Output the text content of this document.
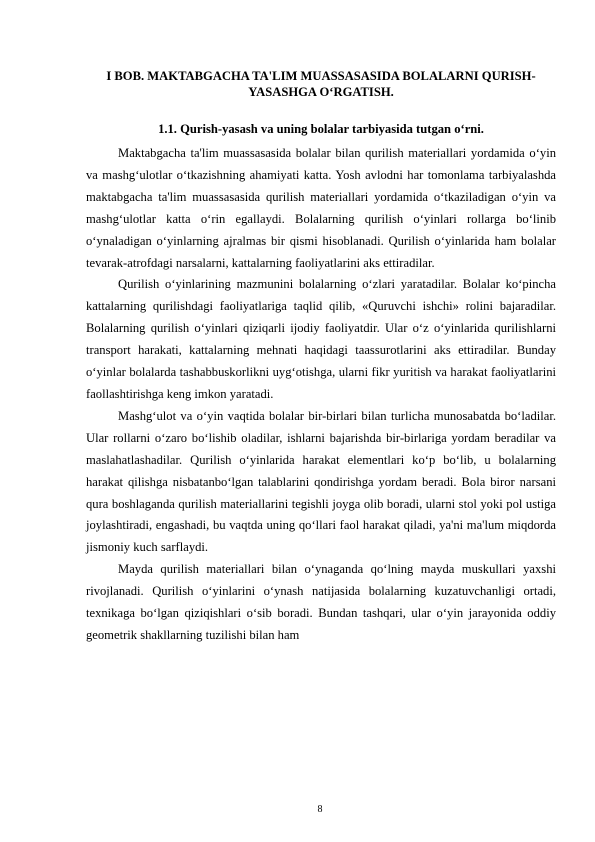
I BOB. MAKTABGACHA TA'LIM MUASSASASIDA BOLALARNI QURISH-YASASHGA O‘RGATISH.
1.1. Qurish-yasash va uning bolalar tarbiyasida tutgan o‘rni.

Maktabgacha ta'lim muassasasida bolalar bilan qurilish materiallari yordamida o‘yin va mashg‘ulotlar o‘tkazishning ahamiyati katta. Yosh avlodni har tomonlama tarbiyalashda maktabgacha ta'lim muassasasida qurilish materiallari yordamida o‘tkaziladigan o‘yin va mashg‘ulotlar katta o‘rin egallaydi. Bolalarning qurilish o‘yinlari rollarga bo‘linib o‘ynaladigan o‘yinlarning ajralmas bir qismi hisoblanadi. Qurilish o‘yinlarida ham bolalar tevarak-atrofdagi narsalarni, kattalarning faoliyatlarini aks ettiradilar.

Qurilish o‘yinlarining mazmunini bolalarning o‘zlari yaratadilar. Bolalar ko‘pincha kattalarning qurilishdagi faoliyatlariga taqlid qilib, «Quruvchi ishchi» rolini bajaradilar. Bolalarning qurilish o‘yinlari qiziqarli ijodiy faoliyatdir. Ular o‘z o‘yinlarida qurilishlarni transport harakati, kattalarning mehnati haqidagi taassurotlarini aks ettiradilar. Bunday o‘yinlar bolalarda tashabbuskorlikni uyg‘otishga, ularni fikr yuritish va harakat faoliyatlarini faollashtirishga keng imkon yaratadi.

Mashg‘ulot va o‘yin vaqtida bolalar bir-birlari bilan turlicha munosabatda bo‘ladilar. Ular rollarni o‘zaro bo‘lishib oladilar, ishlarni bajarishda bir-birlariga yordam beradilar va maslahatlashadilar. Qurilish o‘yinlarida harakat elementlari ko‘p bo‘lib, u bolalarning harakat qilishga nisbatanbo‘lgan talablarini qondirishga yordam beradi. Bola biror narsani qura boshlaganda qurilish materiallarini tegishli joyga olib boradi, ularni stol yoki pol ustiga joylashtiradi, engashadi, bu vaqtda uning qo‘llari faol harakat qiladi, ya'ni ma'lum miqdorda jismoniy kuch sarflaydi.

Mayda qurilish materiallari bilan o‘ynaganda qo‘lning mayda muskullari yaxshi rivojlanadi. Qurilish o‘yinlarini o‘ynash natijasida bolalarning kuzatuvchanligi ortadi, texnikaga bo‘lgan qiziqishlari o‘sib boradi. Bundan tashqari, ular o‘yin jarayonida oddiy geometrik shakllarning tuzilishi bilan ham

8
